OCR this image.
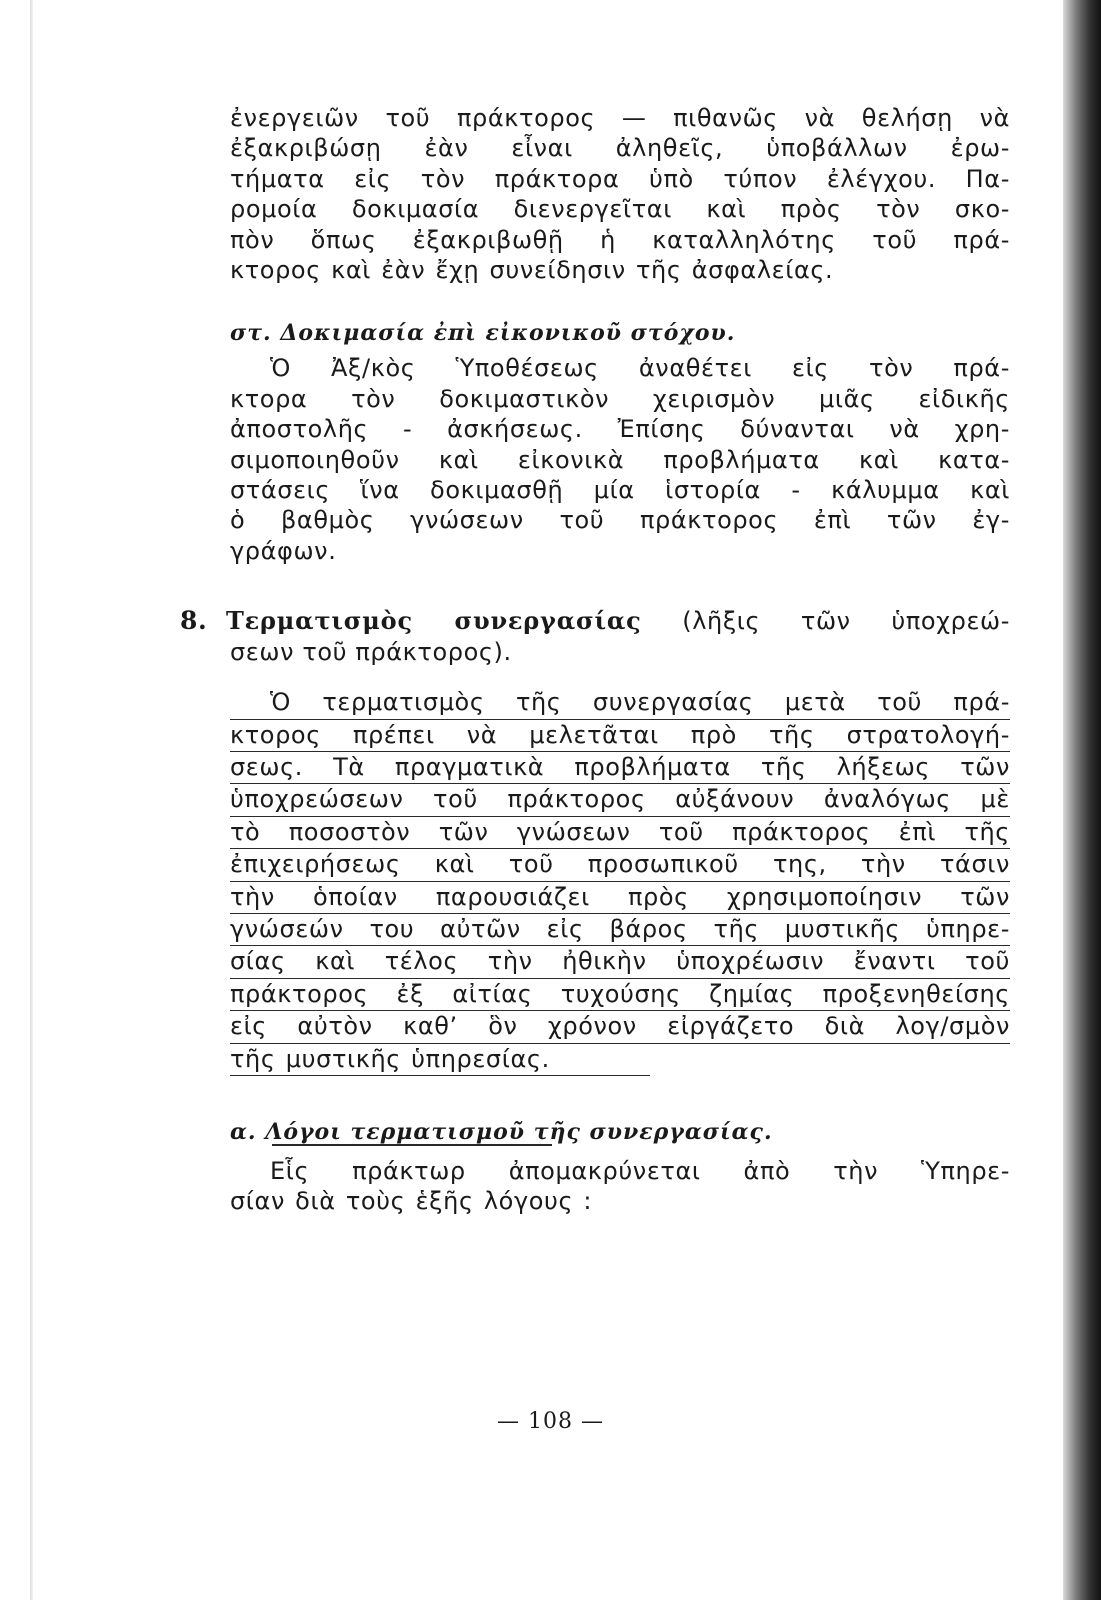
ἐνεργειῶν τοῦ πράκτορος — πιθανῶς νὰ θελήσῃ νὰ
ἐξακριβώσῃ ἐὰν εἶναι ἀληθεῖς, ὑποβάλλων ἐρω-
τήματα εἰς τὸν πράκτορα ὑπὸ τύπον ἐλέγχου. Πα-
ρομοία δοκιμασία διενεργεῖται καὶ πρὸς τὸν σκο-
πὸν ὅπως ἐξακριβωθῇ ἡ καταλληλότης τοῦ πρά-
κτορος καὶ ἐὰν ἔχῃ συνείδησιν τῆς ἀσφαλείας.

στ. Δοκιμασία ἐπὶ εἰκονικοῦ στόχου.

Ὁ Ἀξ/κὸς Ὑποθέσεως ἀναθέτει εἰς τὸν πρά-
κτορα τὸν δοκιμαστικὸν χειρισμὸν μιᾶς εἰδικῆς
ἀποστολῆς - ἀσκήσεως. Ἐπίσης δύνανται νὰ χρη-
σιμοποιηθοῦν καὶ εἰκονικὰ προβλήματα καὶ κατα-
στάσεις ἵνα δοκιμασθῇ μία ἱστορία - κάλυμμα καὶ
ὁ βαθμὸς γνώσεων τοῦ πράκτορος ἐπὶ τῶν ἐγ-
γράφων.

8. Τερματισμὸς συνεργασίας (λῆξις τῶν ὑποχρεώ-
σεων τοῦ πράκτορος).

Ὁ τερματισμὸς τῆς συνεργασίας μετὰ τοῦ πρά-
κτορος πρέπει νὰ μελετᾶται πρὸ τῆς στρατολογή-
σεως. Τὰ πραγματικὰ προβλήματα τῆς λήξεως τῶν
ὑποχρεώσεων τοῦ πράκτορος αὐξάνουν ἀναλόγως μὲ
τὸ ποσοστὸν τῶν γνώσεων τοῦ πράκτορος ἐπὶ τῆς
ἐπιχειρήσεως καὶ τοῦ προσωπικοῦ της, τὴν τάσιν
τὴν ὁποίαν παρουσιάζει πρὸς χρησιμοποίησιν τῶν
γνώσεών του αὐτῶν εἰς βάρος τῆς μυστικῆς ὑπηρε-
σίας καὶ τέλος τὴν ἠθικὴν ὑποχρέωσιν ἔναντι τοῦ
πράκτορος ἐξ αἰτίας τυχούσης ζημίας προξενηθείσης
εἰς αὐτὸν καθ’ ὃν χρόνον εἰργάζετο διὰ λογ/σμὸν
τῆς μυστικῆς ὑπηρεσίας.

α. Λόγοι τερματισμοῦ τῆς συνεργασίας.

Εἷς πράκτωρ ἀπομακρύνεται ἀπὸ τὴν Ὑπηρε-
σίαν διὰ τοὺς ἑξῆς λόγους :

— 108 —
